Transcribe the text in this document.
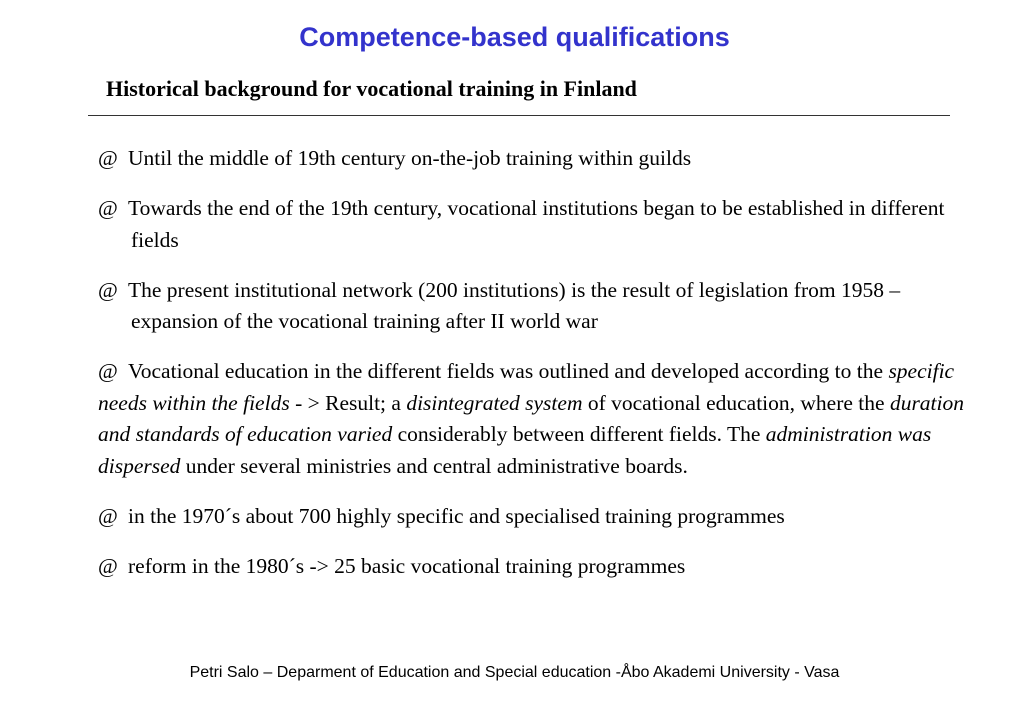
Competence-based qualifications
Historical background for vocational training in Finland
@ Until the middle of 19th century on-the-job training within guilds
@ Towards the end of the 19th century, vocational institutions began to be established in different fields
@ The present institutional network (200 institutions) is the result of legislation from 1958 – expansion of the vocational training after II world war
@ Vocational education in the different fields was outlined and developed according to the specific needs within the fields - > Result; a disintegrated system of vocational education, where the duration and standards of education varied considerably between different fields. The administration was dispersed under several ministries and central administrative boards.
@ in the 1970´s about 700 highly specific and specialised training programmes
@ reform in the 1980´s -> 25 basic vocational training programmes

Petri Salo – Deparment of Education and Special education -Åbo Akademi University - Vasa
